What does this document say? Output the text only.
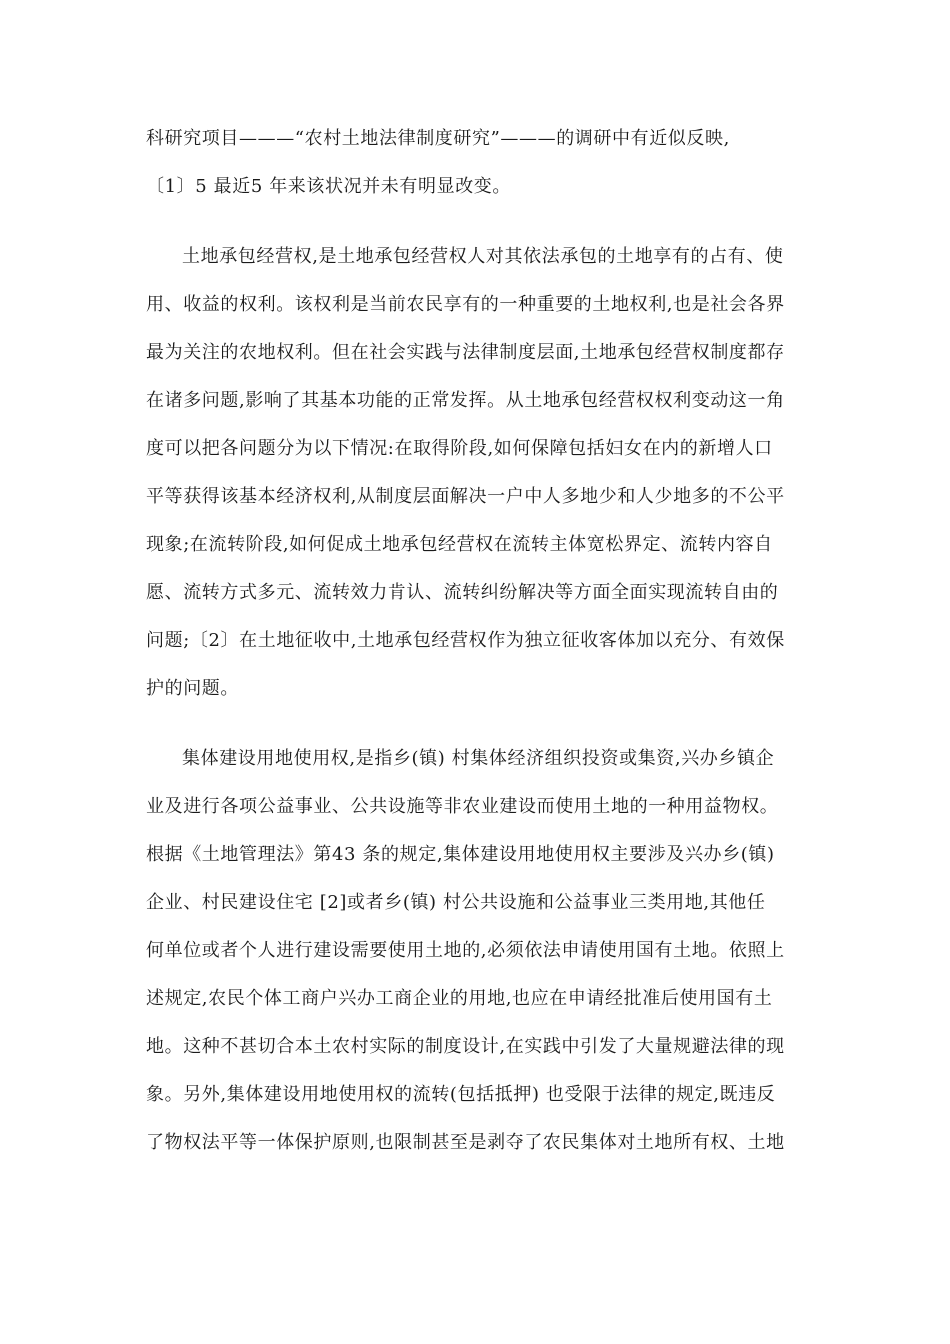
科研究项目———“农村土地法律制度研究”———的调研中有近似反映,
〔1〕5 最近5 年来该状况并未有明显改变。
土地承包经营权,是土地承包经营权人对其依法承包的土地享有的占有、使
用、收益的权利。该权利是当前农民享有的一种重要的土地权利,也是社会各界
最为关注的农地权利。但在社会实践与法律制度层面,土地承包经营权制度都存
在诸多问题,影响了其基本功能的正常发挥。从土地承包经营权权利变动这一角
度可以把各问题分为以下情况:在取得阶段,如何保障包括妇女在内的新增人口
平等获得该基本经济权利,从制度层面解决一户中人多地少和人少地多的不公平
现象;在流转阶段,如何促成土地承包经营权在流转主体宽松界定、流转内容自
愿、流转方式多元、流转效力肯认、流转纠纷解决等方面全面实现流转自由的
问题;〔2〕在土地征收中,土地承包经营权作为独立征收客体加以充分、有效保
护的问题。
集体建设用地使用权,是指乡(镇) 村集体经济组织投资或集资,兴办乡镇企
业及进行各项公益事业、公共设施等非农业建设而使用土地的一种用益物权。
根据《土地管理法》第43 条的规定,集体建设用地使用权主要涉及兴办乡(镇)
企业、村民建设住宅 [2]或者乡(镇) 村公共设施和公益事业三类用地,其他任
何单位或者个人进行建设需要使用土地的,必须依法申请使用国有土地。依照上
述规定,农民个体工商户兴办工商企业的用地,也应在申请经批准后使用国有土
地。这种不甚切合本土农村实际的制度设计,在实践中引发了大量规避法律的现
象。另外,集体建设用地使用权的流转(包括抵押) 也受限于法律的规定,既违反
了物权法平等一体保护原则,也限制甚至是剥夺了农民集体对土地所有权、土地
